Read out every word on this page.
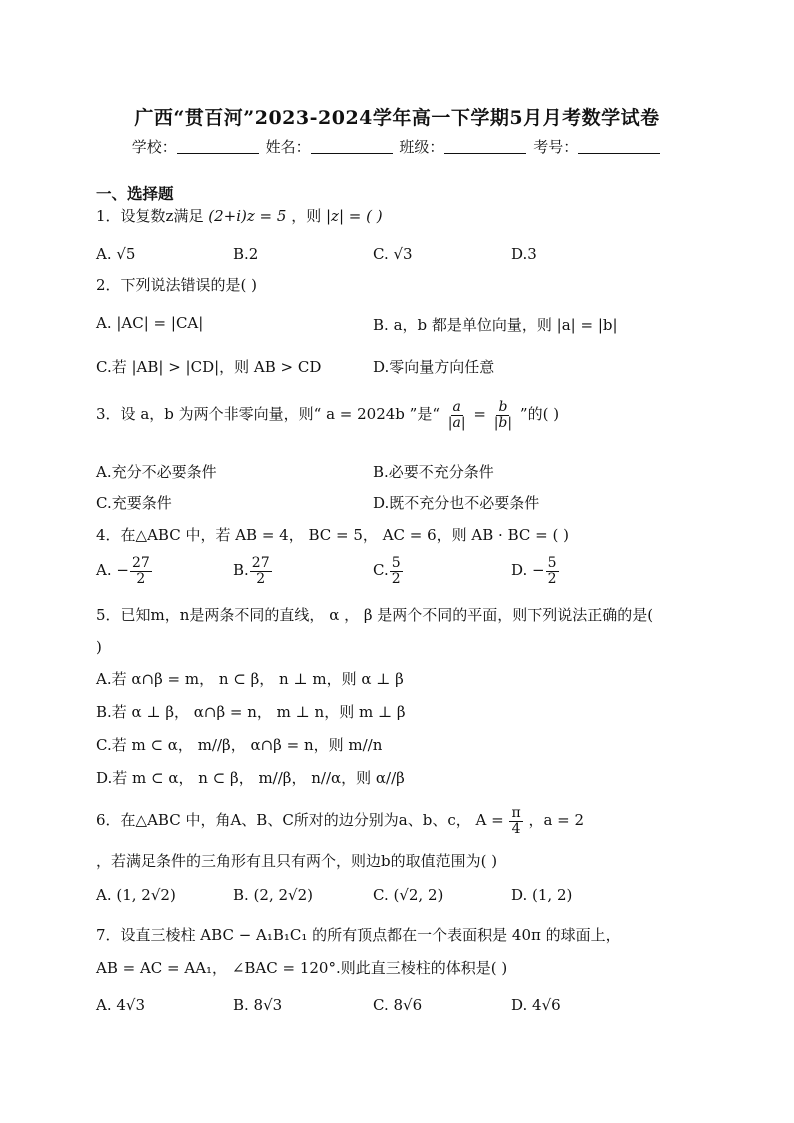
广西“贯百河”2023-2024学年高一下学期5月月考数学试卷
学校：	姓名：	班级：	考号：
一、选择题
1．设复数z满足 (2+i)z = 5 ，则 |z| = ( )
A. √5	B.2	C. √3	D.3
2．下列说法错误的是( )
A. |AC| = |CA|	B. a，b 都是单位向量，则 |a| = |b|
C.若 |AB| > |CD|，则 AB > CD	D.零向量方向任意
3．设 a，b 为两个非零向量，则“ a = 2024b ”是“ $\frac{a}{|a|} = \frac{b}{|b|}$ ”的( )
A.充分不必要条件	B.必要不充分条件
C.充要条件	D.既不充分也不必要条件
4．在△ABC 中，若 AB = 4， BC = 5， AC = 6，则 AB · BC = ( )
A. − $\frac{27}{2}$	B. $\frac{27}{2}$	C. $\frac{5}{2}$	D. − $\frac{5}{2}$
5．已知m，n是两条不同的直线， α ， β 是两个不同的平面，则下列说法正确的是(
)
A.若 α∩β = m， n ⊂ β， n ⊥ m，则 α ⊥ β
B.若 α ⊥ β， α∩β = n， m ⊥ n，则 m ⊥ β
C.若 m ⊂ α， m//β， α∩β = n，则 m//n
D.若 m ⊂ α， n ⊂ β， m//β， n//α，则 α//β
6．在△ABC 中，角A、B、C所对的边分别为a、b、c， $A = \frac{\pi}{4}$ ，a = 2
，若满足条件的三角形有且只有两个，则边b的取值范围为( )
A. (1, 2√2)	B. (2, 2√2)	C. (√2, 2)	D. (1, 2)
7．设直三棱柱 ABC − A₁B₁C₁ 的所有顶点都在一个表面积是 40π 的球面上，
AB = AC = AA₁， ∠BAC = 120°.则此直三棱柱的体积是( )
A. 4√3	B. 8√3	C. 8√6	D. 4√6
